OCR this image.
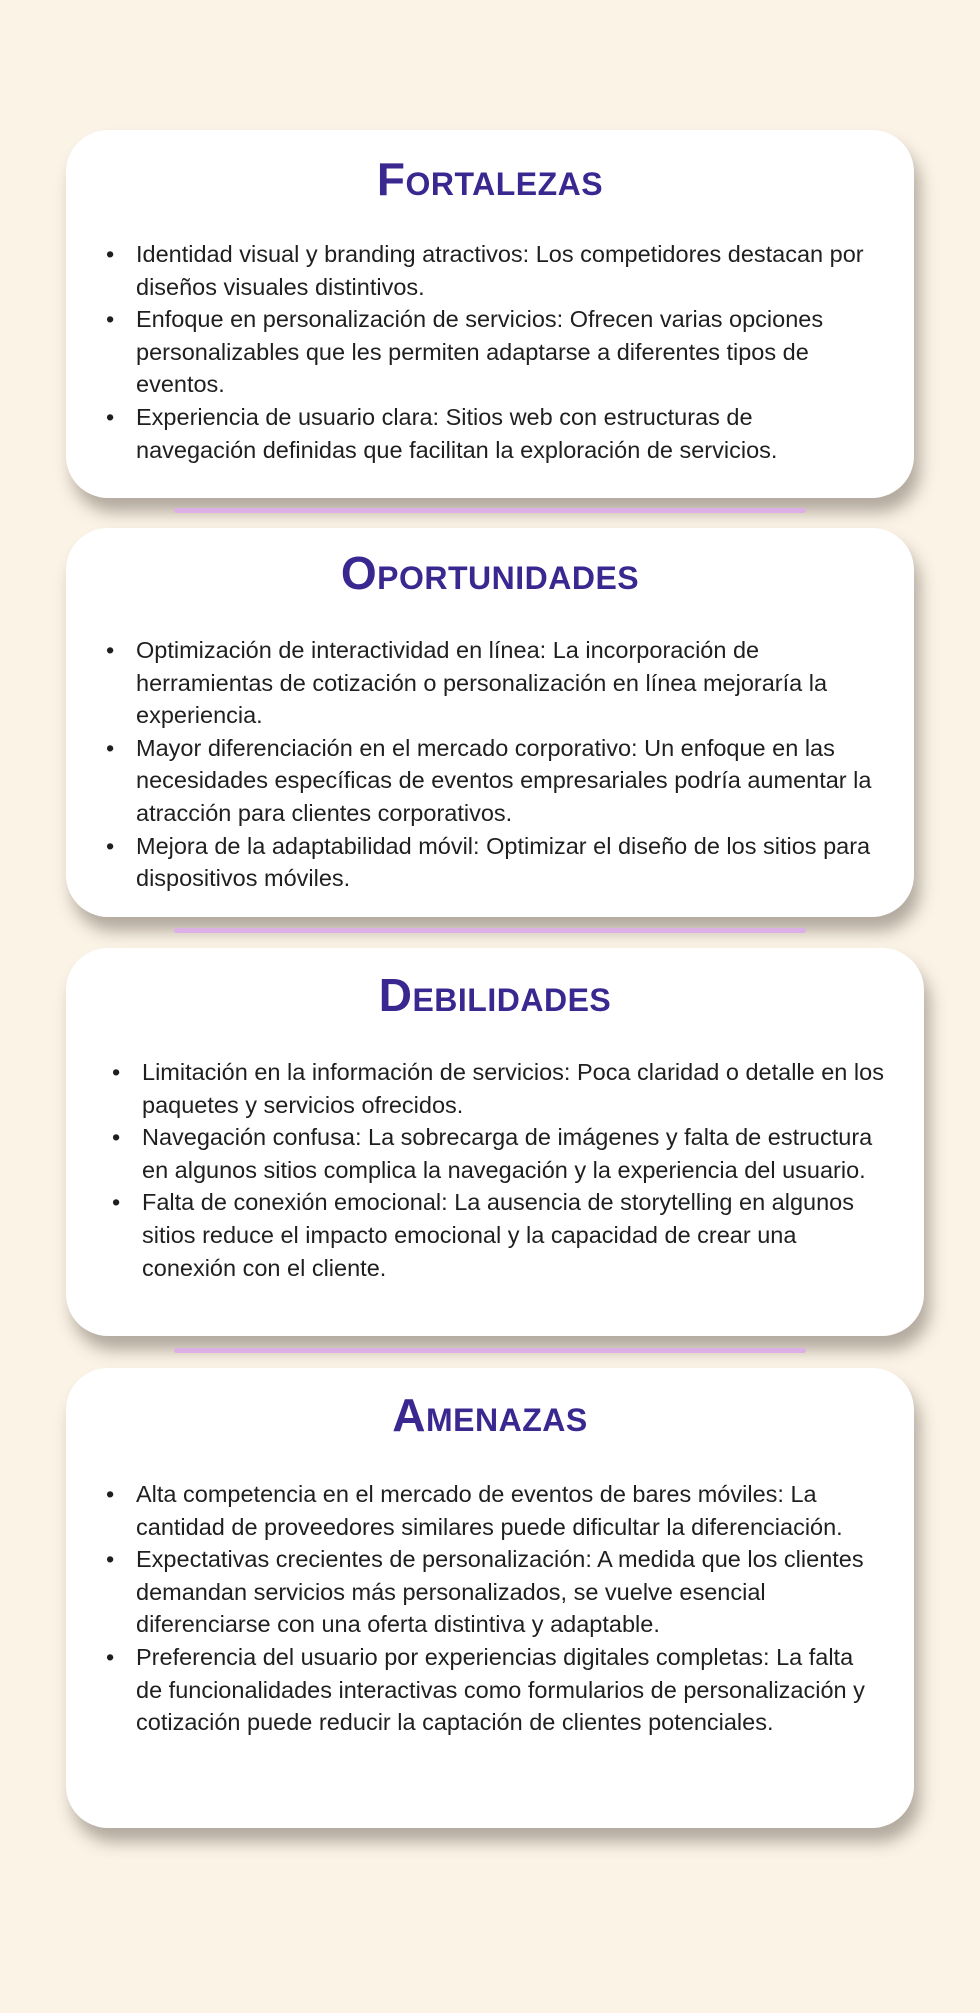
Fortalezas
• Identidad visual y branding atractivos: Los competidores destacan por diseños visuales distintivos.
• Enfoque en personalización de servicios: Ofrecen varias opciones personalizables que les permiten adaptarse a diferentes tipos de eventos.
• Experiencia de usuario clara: Sitios web con estructuras de navegación definidas que facilitan la exploración de servicios.
Oportunidades
• Optimización de interactividad en línea: La incorporación de herramientas de cotización o personalización en línea mejoraría la experiencia.
• Mayor diferenciación en el mercado corporativo: Un enfoque en las necesidades específicas de eventos empresariales podría aumentar la atracción para clientes corporativos.
• Mejora de la adaptabilidad móvil: Optimizar el diseño de los sitios para dispositivos móviles.
Debilidades
• Limitación en la información de servicios: Poca claridad o detalle en los paquetes y servicios ofrecidos.
• Navegación confusa: La sobrecarga de imágenes y falta de estructura en algunos sitios complica la navegación y la experiencia del usuario.
• Falta de conexión emocional: La ausencia de storytelling en algunos sitios reduce el impacto emocional y la capacidad de crear una conexión con el cliente.
Amenazas
• Alta competencia en el mercado de eventos de bares móviles: La cantidad de proveedores similares puede dificultar la diferenciación.
• Expectativas crecientes de personalización: A medida que los clientes demandan servicios más personalizados, se vuelve esencial diferenciarse con una oferta distintiva y adaptable.
• Preferencia del usuario por experiencias digitales completas: La falta de funcionalidades interactivas como formularios de personalización y cotización puede reducir la captación de clientes potenciales.
